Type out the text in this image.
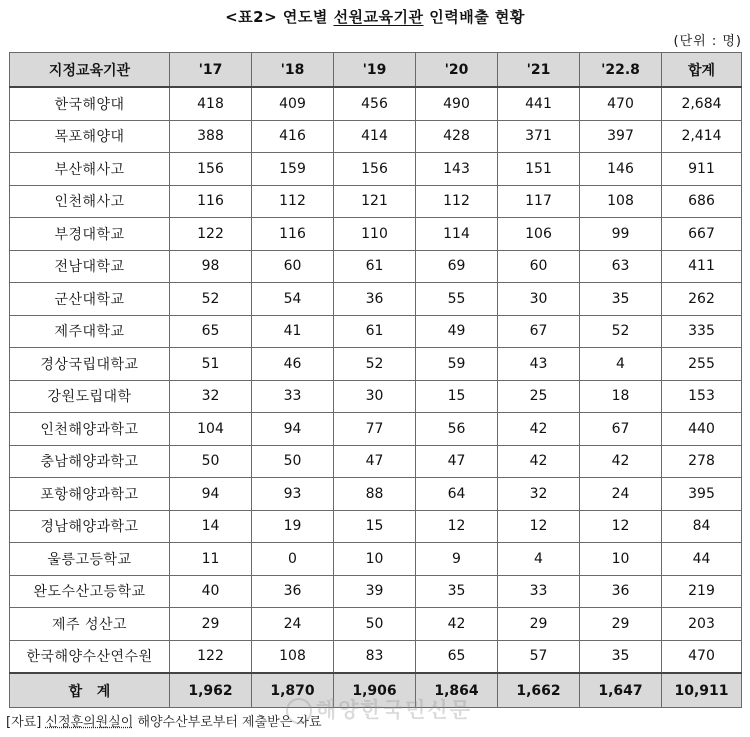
<표2> 연도별 선원교육기관 인력배출 현황
(단위 : 명)
지정교육기관	'17	'18	'19	'20	'21	'22.8	합계
한국해양대	418	409	456	490	441	470	2,684
목포해양대	388	416	414	428	371	397	2,414
부산해사고	156	159	156	143	151	146	911
인천해사고	116	112	121	112	117	108	686
부경대학교	122	116	110	114	106	99	667
전남대학교	98	60	61	69	60	63	411
군산대학교	52	54	36	55	30	35	262
제주대학교	65	41	61	49	67	52	335
경상국립대학교	51	46	52	59	43	4	255
강원도립대학	32	33	30	15	25	18	153
인천해양과학고	104	94	77	56	42	67	440
충남해양과학고	50	50	47	47	42	42	278
포항해양과학고	94	93	88	64	32	24	395
경남해양과학고	14	19	15	12	12	12	84
울릉고등학교	11	0	10	9	4	10	44
완도수산고등학교	40	36	39	35	33	36	219
제주 성산고	29	24	50	42	29	29	203
한국해양수산연수원	122	108	83	65	57	35	470
합   계	1,962	1,870	1,906	1,864	1,662	1,647	10,911
해양한국민신문
[자료] 신정훈의원실이 해양수산부로부터 제출받은 자료
